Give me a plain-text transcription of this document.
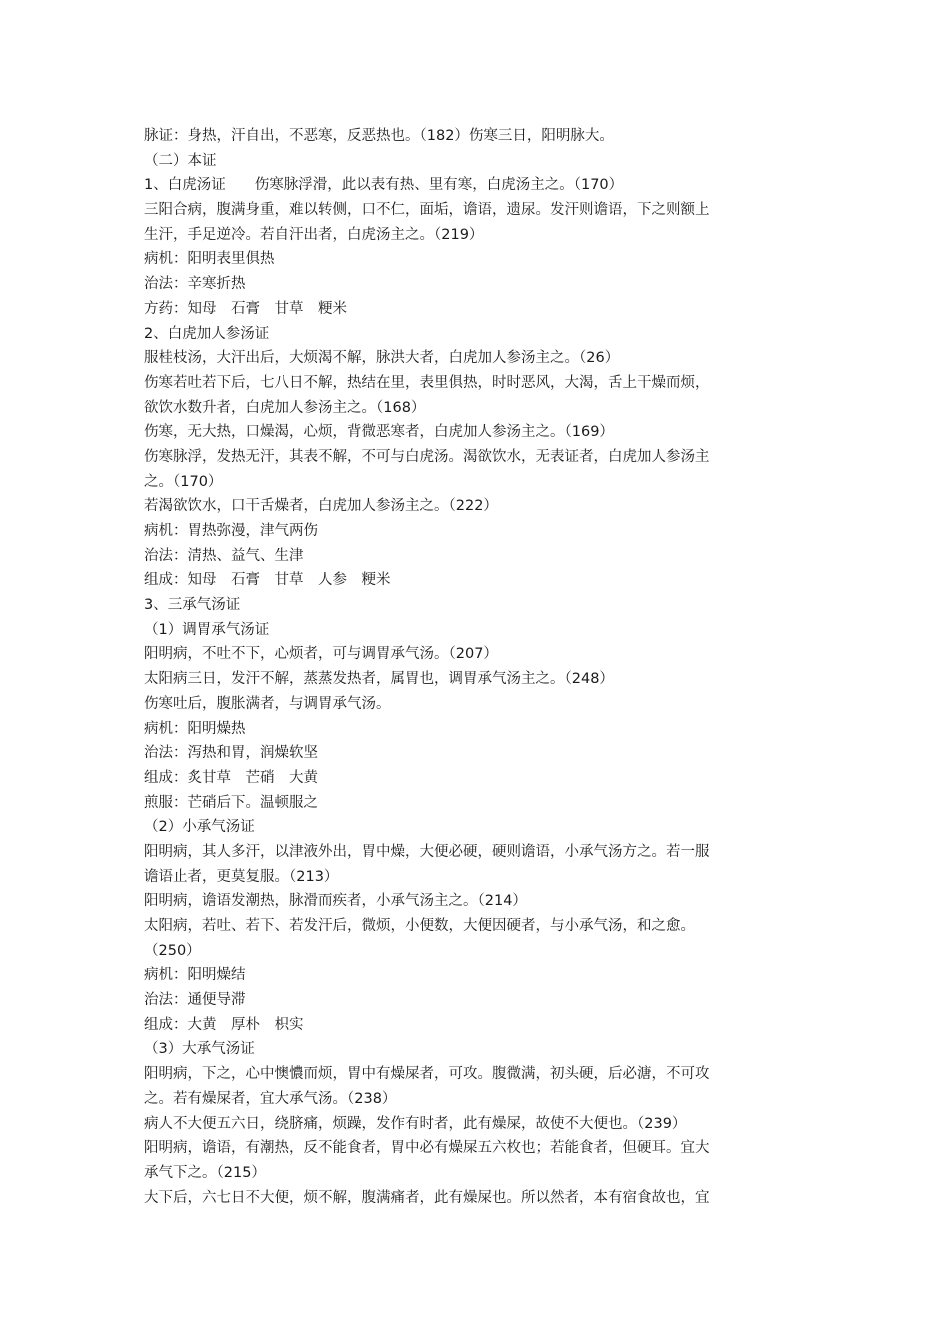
脉证：身热，汗自出，不恶寒，反恶热也。（182）伤寒三日，阳明脉大。
（二）本证
1、白虎汤证　　伤寒脉浮滑，此以表有热、里有寒，白虎汤主之。（170）
三阳合病，腹满身重，难以转侧，口不仁，面垢，谵语，遗尿。发汗则谵语，下之则额上
生汗，手足逆冷。若自汗出者，白虎汤主之。（219）
病机：阳明表里俱热
治法：辛寒折热
方药：知母　石膏　甘草　粳米
2、白虎加人参汤证
服桂枝汤，大汗出后，大烦渴不解，脉洪大者，白虎加人参汤主之。（26）
伤寒若吐若下后，七八日不解，热结在里，表里俱热，时时恶风，大渴，舌上干燥而烦，
欲饮水数升者，白虎加人参汤主之。（168）
伤寒，无大热，口燥渴，心烦，背微恶寒者，白虎加人参汤主之。（169）
伤寒脉浮，发热无汗，其表不解，不可与白虎汤。渴欲饮水，无表证者，白虎加人参汤主
之。（170）
若渴欲饮水，口干舌燥者，白虎加人参汤主之。（222）
病机：胃热弥漫，津气两伤
治法：清热、益气、生津
组成：知母　石膏　甘草　人参　粳米
3、三承气汤证
（1）调胃承气汤证
阳明病，不吐不下，心烦者，可与调胃承气汤。（207）
太阳病三日，发汗不解，蒸蒸发热者，属胃也，调胃承气汤主之。（248）
伤寒吐后，腹胀满者，与调胃承气汤。
病机：阳明燥热
治法：泻热和胃，润燥软坚
组成：炙甘草　芒硝　大黄
煎服：芒硝后下。温顿服之
（2）小承气汤证
阳明病，其人多汗，以津液外出，胃中燥，大便必硬，硬则谵语，小承气汤方之。若一服
谵语止者，更莫复服。（213）
阳明病，谵语发潮热，脉滑而疾者，小承气汤主之。（214）
太阳病，若吐、若下、若发汗后，微烦，小便数，大便因硬者，与小承气汤，和之愈。
（250）
病机：阳明燥结
治法：通便导滞
组成：大黄　厚朴　枳实
（3）大承气汤证
阳明病，下之，心中懊憹而烦，胃中有燥屎者，可攻。腹微满，初头硬，后必溏，不可攻
之。若有燥屎者，宜大承气汤。（238）
病人不大便五六日，绕脐痛，烦躁，发作有时者，此有燥屎，故使不大便也。（239）
阳明病，谵语，有潮热，反不能食者，胃中必有燥屎五六枚也；若能食者，但硬耳。宜大
承气下之。（215）
大下后，六七日不大便，烦不解，腹满痛者，此有燥屎也。所以然者，本有宿食故也，宜
